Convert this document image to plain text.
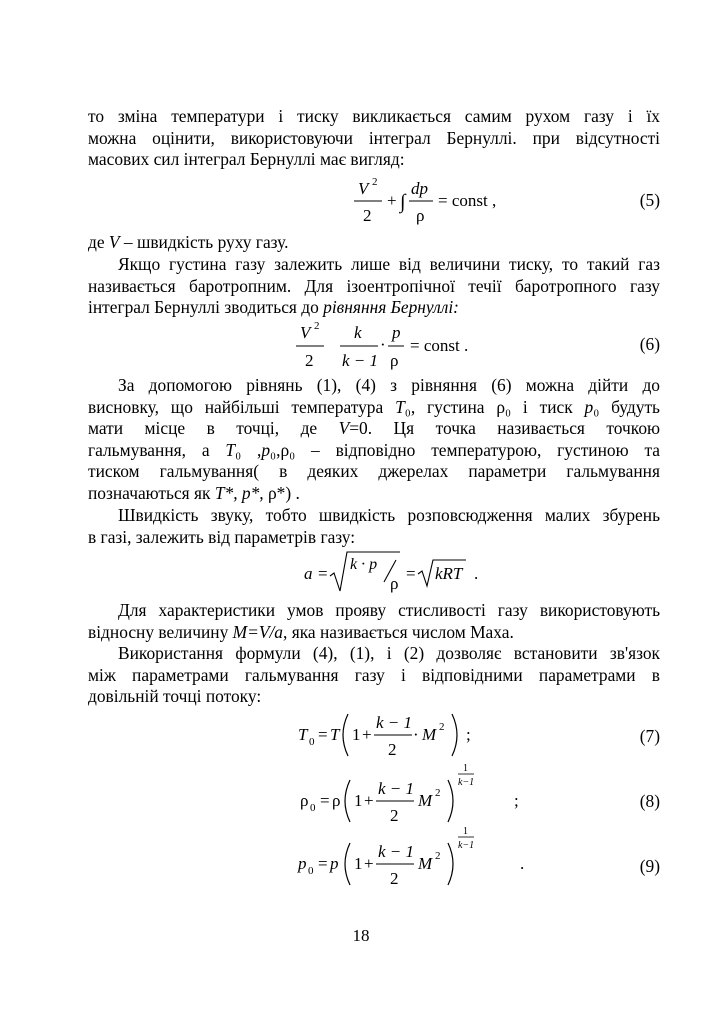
то зміна температури і тиску викликається самим рухом газу і їх
можна оцінити, використовуючи інтеграл Бернуллі. при відсутності
масових сил інтеграл Бернуллі має вигляд:
V 2
2
+ ∫
dp
ρ
= const ,	(5)
де V – швидкість руху газу.
Якщо густина газу залежить лише від величини тиску, то такий газ
називається баротропним. Для ізоентропічної течії баротропного газу
інтеграл Бернуллі зводиться до рівняння Бернуллі:
V 2
2
k
k − 1
·
p
ρ
= const .	(6)
За допомогою рівнянь (1), (4) з рівняння (6) можна дійти до
висновку, що найбільші температура T₀, густина ρ₀ і тиск p₀ будуть
мати місце в точці, де V=0. Ця точка називається точкою
гальмування, а T₀ ,p₀,ρ₀ – відповідно температурою, густиною та
тиском гальмування( в деяких джерелах параметри гальмування
позначаються як T*, p*, ρ*) .
Швидкість звуку, тобто швидкість розповсюдження малих збурень
в газі, залежить від параметрів газу:
a = k · p
ρ
= kRT .
Для характеристики умов прояву стисливості газу використовують
відносну величину M=V/a, яка називається числом Маха.
Використання формули (4), (1), і (2) дозволяє встановити зв'язок
між параметрами гальмування газу і відповідними параметрами в
довільній точці потоку:
T 0 = T 1 +
k − 1
2
· M 2 ;	(7)
ρ 0 = ρ 1 +
k − 1
2
M 2
1
k−1
;	(8)
p 0 = p 1 +
k − 1
2
M 2
1
k−1
.	(9)
18
